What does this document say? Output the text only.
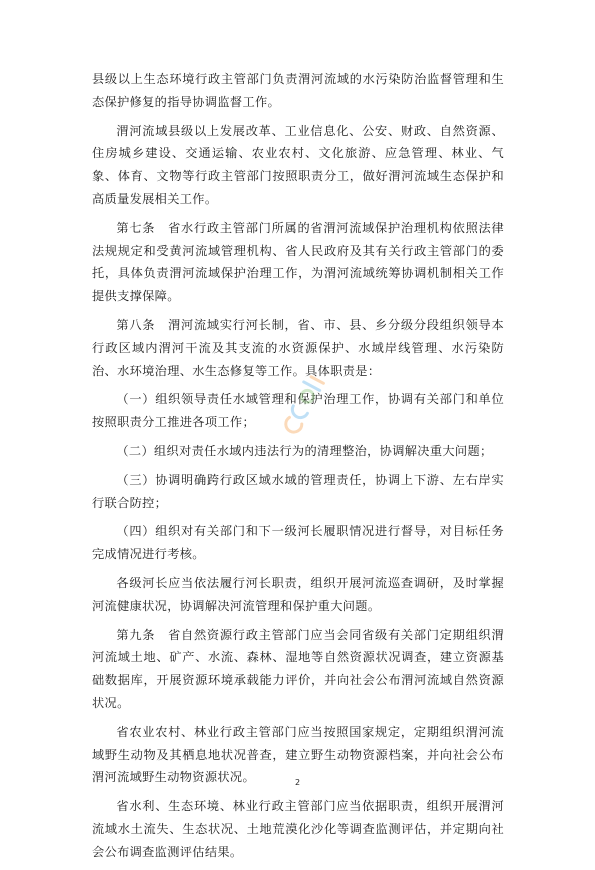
县级以上生态环境行政主管部门负责渭河流域的水污染防治监督管理和生态保护修复的指导协调监督工作。

渭河流域县级以上发展改革、工业信息化、公安、财政、自然资源、住房城乡建设、交通运输、农业农村、文化旅游、应急管理、林业、气象、体育、文物等行政主管部门按照职责分工，做好渭河流域生态保护和高质量发展相关工作。

第七条　省水行政主管部门所属的省渭河流域保护治理机构依照法律法规规定和受黄河流域管理机构、省人民政府及其有关行政主管部门的委托，具体负责渭河流域保护治理工作，为渭河流域统筹协调机制相关工作提供支撑保障。

第八条　渭河流域实行河长制，省、市、县、乡分级分段组织领导本行政区域内渭河干流及其支流的水资源保护、水域岸线管理、水污染防治、水环境治理、水生态修复等工作。具体职责是：

（一）组织领导责任水域管理和保护治理工作，协调有关部门和单位按照职责分工推进各项工作；

（二）组织对责任水域内违法行为的清理整治，协调解决重大问题；

（三）协调明确跨行政区域水域的管理责任，协调上下游、左右岸实行联合防控；

（四）组织对有关部门和下一级河长履职情况进行督导，对目标任务完成情况进行考核。

各级河长应当依法履行河长职责，组织开展河流巡查调研，及时掌握河流健康状况，协调解决河流管理和保护重大问题。

第九条　省自然资源行政主管部门应当会同省级有关部门定期组织渭河流域土地、矿产、水流、森林、湿地等自然资源状况调查，建立资源基础数据库，开展资源环境承载能力评价，并向社会公布渭河流域自然资源状况。

省农业农村、林业行政主管部门应当按照国家规定，定期组织渭河流域野生动物及其栖息地状况普查，建立野生动物资源档案，并向社会公布渭河流域野生动物资源状况。

省水利、生态环境、林业行政主管部门应当依据职责，组织开展渭河流域水土流失、生态状况、土地荒漠化沙化等调查监测评估，并定期向社会公布调查监测评估结果。

2
